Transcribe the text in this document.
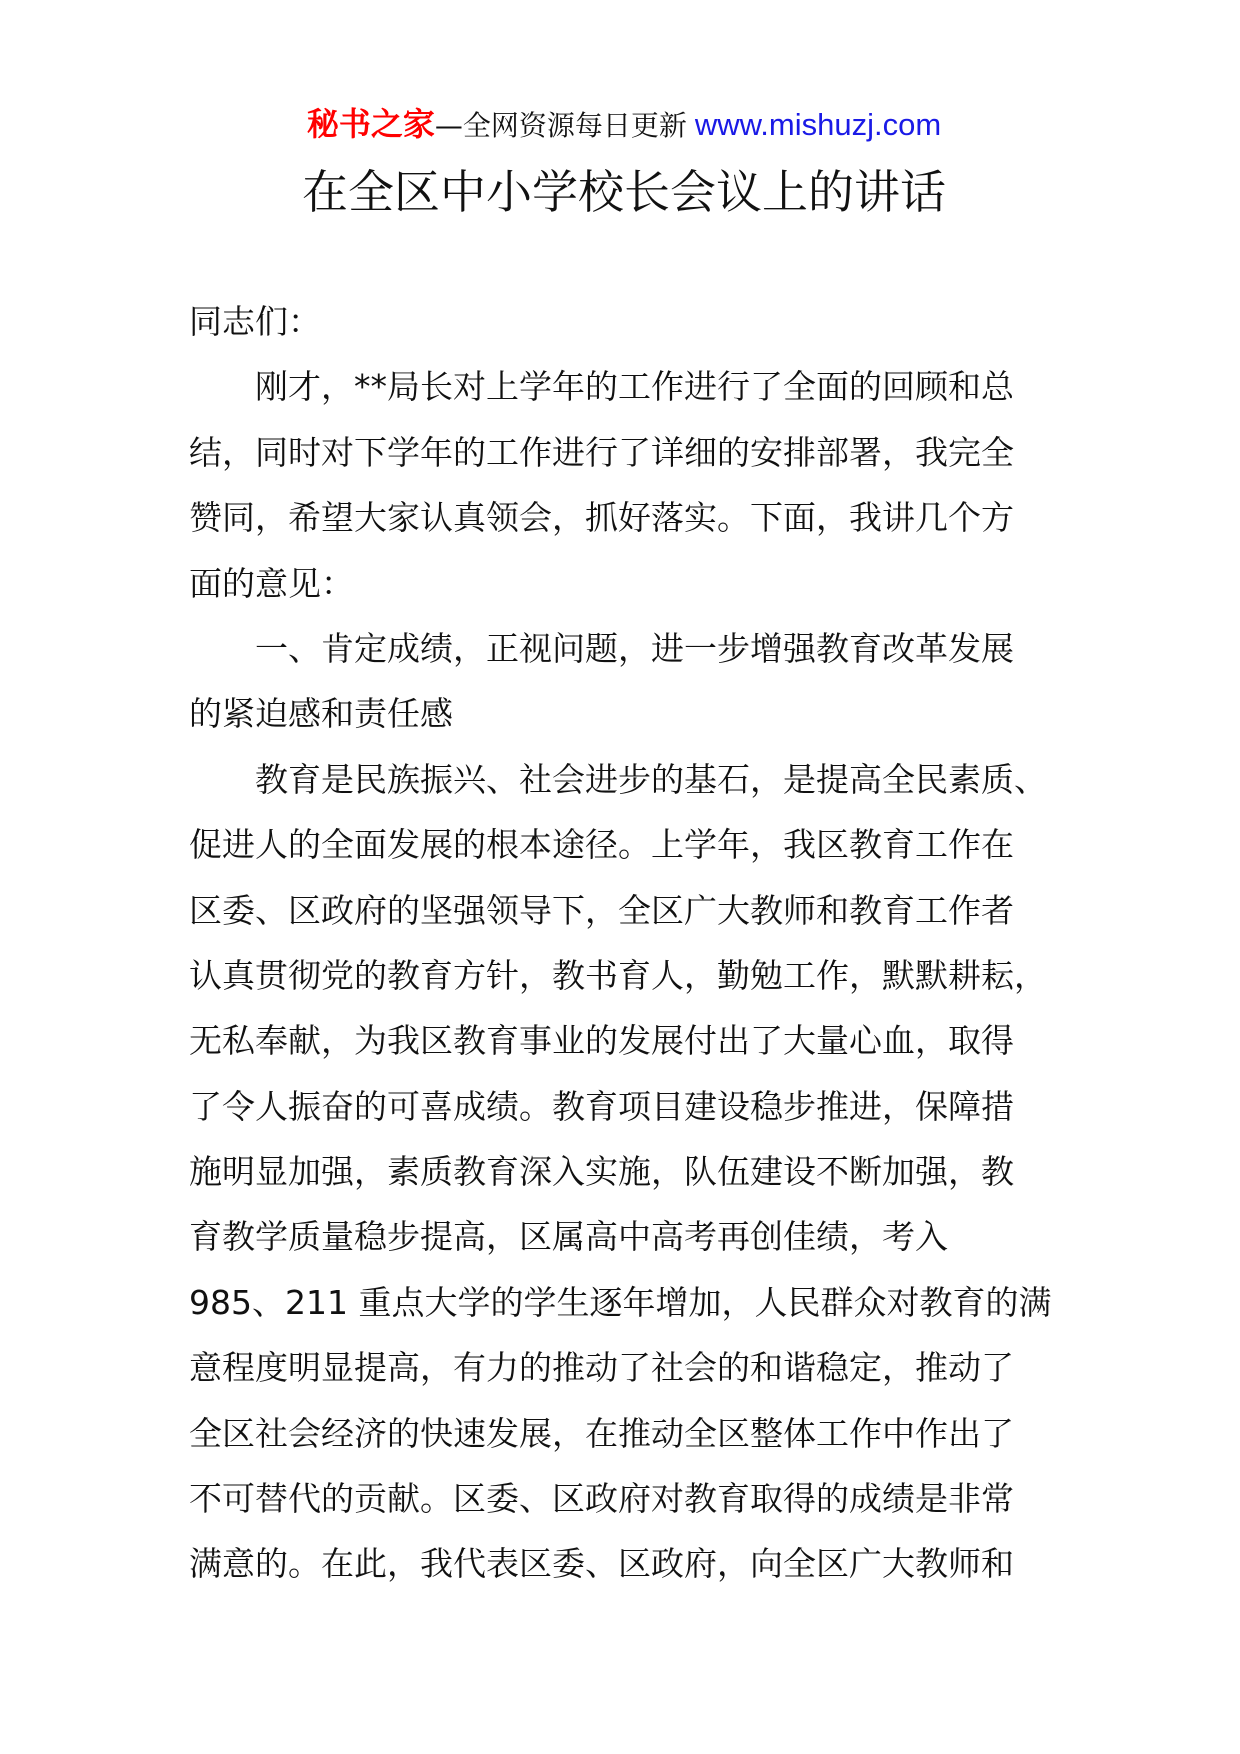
秘书之家—全网资源每日更新 www.mishuzj.com
在全区中小学校长会议上的讲话
同志们：
刚才，**局长对上学年的工作进行了全面的回顾和总
结，同时对下学年的工作进行了详细的安排部署，我完全
赞同，希望大家认真领会，抓好落实。下面，我讲几个方
面的意见：
一、肯定成绩，正视问题，进一步增强教育改革发展
的紧迫感和责任感
教育是民族振兴、社会进步的基石，是提高全民素质、
促进人的全面发展的根本途径。上学年，我区教育工作在
区委、区政府的坚强领导下，全区广大教师和教育工作者
认真贯彻党的教育方针，教书育人，勤勉工作，默默耕耘，
无私奉献，为我区教育事业的发展付出了大量心血，取得
了令人振奋的可喜成绩。教育项目建设稳步推进，保障措
施明显加强，素质教育深入实施，队伍建设不断加强，教
育教学质量稳步提高，区属高中高考再创佳绩，考入
985、211 重点大学的学生逐年增加，人民群众对教育的满
意程度明显提高，有力的推动了社会的和谐稳定，推动了
全区社会经济的快速发展，在推动全区整体工作中作出了
不可替代的贡献。区委、区政府对教育取得的成绩是非常
满意的。在此，我代表区委、区政府，向全区广大教师和
